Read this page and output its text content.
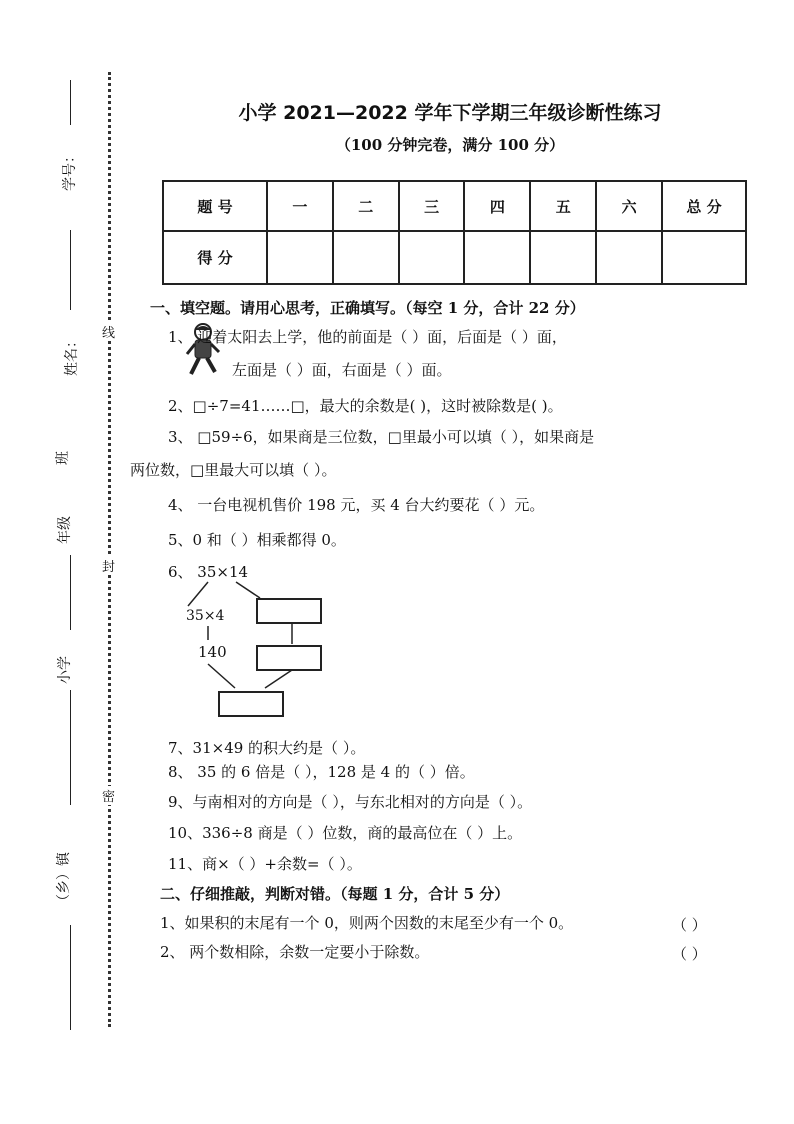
学号：
姓名：
班
年级
小学
（乡）镇
线
封
密
小学 2021—2022 学年下学期三年级诊断性练习
（100 分钟完卷，满分 100 分）
题 号	一	二	三	四	五	六	总 分
得 分							
一、填空题。请用心思考，正确填写。（每空 1 分，合计 22 分）
1、 迎着太阳去上学，他的前面是（ ）面，后面是（ ）面，
左面是（ ）面，右面是（ ）面。
2、□÷7=41……□，最大的余数是( )，这时被除数是( )。
3、 □59÷6，如果商是三位数，□里最小可以填（ ），如果商是
两位数，□里最大可以填（ ）。
4、 一台电视机售价 198 元，买 4 台大约要花（ ）元。
5、0 和（ ）相乘都得 0。
6、 35×14
35×4
140
7、31×49 的积大约是（ ）。
8、 35 的 6 倍是（ ），128 是 4 的（ ）倍。
9、与南相对的方向是（ ），与东北相对的方向是（ ）。
10、336÷8 商是（ ）位数，商的最高位在（ ）上。
11、商×（ ）+余数=（ ）。
二、仔细推敲，判断对错。（每题 1 分，合计 5 分）
1、如果积的末尾有一个 0，则两个因数的末尾至少有一个 0。	（ ）
2、 两个数相除，余数一定要小于除数。	（ ）
